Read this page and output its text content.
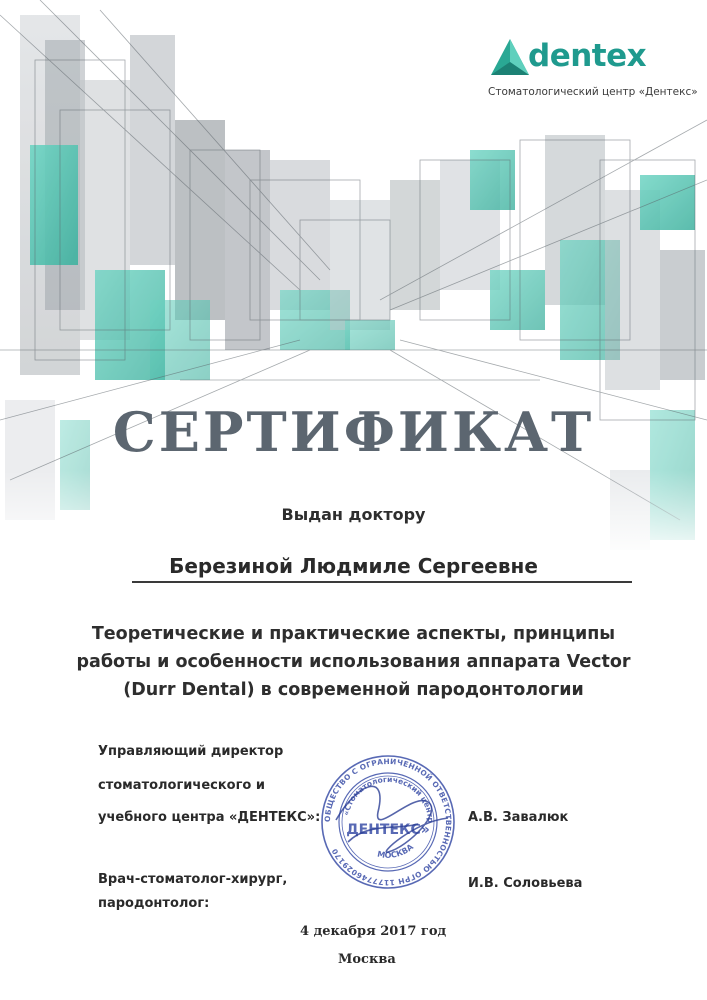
dentex
Стоматологический центр «Дентекс»
СЕРТИФИКАТ
Выдан доктору
Березиной Людмиле Сергеевне
Теоретические и практические аспекты, принципы
работы и особенности использования аппарата Vector
(Durr Dental) в современной пародонтологии
Управляющий директор
стоматологического и
учебного центра «ДЕНТЕКС»:	А.В. Завалюк
Врач-стоматолог-хирург,
пародонтолог:
И.В. Соловьева
4 декабря 2017 год
Москва
ОБЩЕСТВО С ОГРАНИЧЕННОЙ ОТВЕТСТВЕННОСТЬЮ ОГРН 1177746029170
«Стоматологический центр
ДЕНТЕКС»
МОСКВА
